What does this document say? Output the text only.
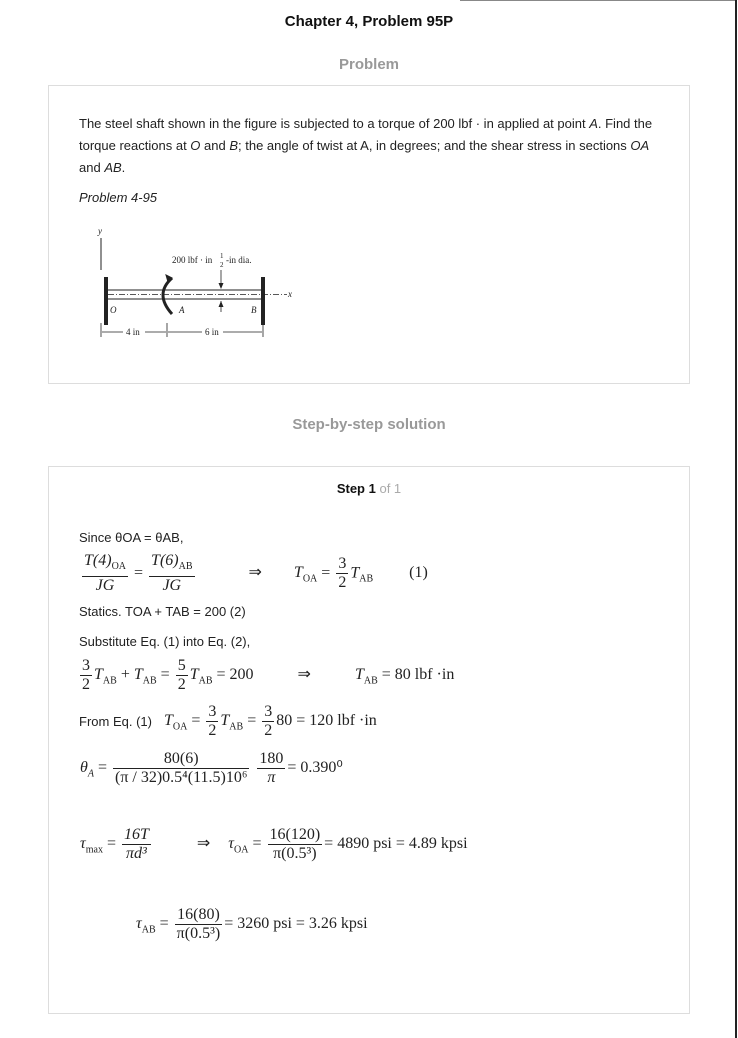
Chapter 4, Problem 95P
Problem
The steel shaft shown in the figure is subjected to a torque of 200 lbf · in applied at point A. Find the torque reactions at O and B; the angle of twist at A, in degrees; and the shear stress in sections OA and AB.
Problem 4-95
y
x
200 lbf · in 1
2 -in dia.
O	A	B
4 in	6 in
Step-by-step solution
Step 1 of 1
Since θOA = θAB,
$\frac{T(4)_{OA}}{JG} = \frac{T(6)_{AB}}{JG}$	⇒ $T_{OA} = \frac{3}{2} T_{AB}$ (1)
Statics. TOA + TAB = 200 (2)
Substitute Eq. (1) into Eq. (2),
$\frac{3}{2} T_{AB} + T_{AB} = \frac{5}{2} T_{AB} = 200$	⇒	$T_{AB} = 80$ lbf ·in
From Eq. (1) $T_{OA} = \frac{3}{2} T_{AB} = \frac{3}{2} 80 = 120$ lbf ·in
$\theta_A = \frac{80(6)}{\text{(π / 32)0.5⁴(11.5)10⁶}}$
$\frac{180}{\pi} = 0.390^0$
$\tau_{max} = \frac{16T}{\text{πd³}}$	⇒ $\tau_{OA} = \frac{16(120)}{\text{π(0.5³)}} = 4890$ psi = 4.89 kpsi
$\tau_{AB} = \frac{16(80)}{\text{π(0.5³)}} = 3260$ psi = 3.26 kpsi
